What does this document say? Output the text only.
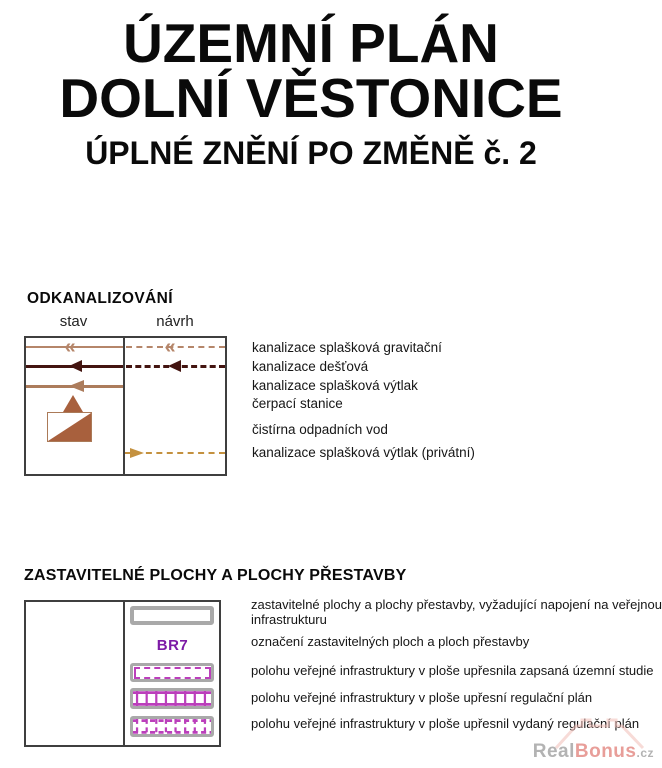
ÚZEMNÍ PLÁN
DOLNÍ VĚSTONICE
ÚPLNÉ ZNĚNÍ PO ZMĚNĚ č. 2
ODKANALIZOVÁNÍ
stav	návrh
«	kanalizace splašková gravitační
kanalizace dešťová
kanalizace splašková výtlak
čerpací stanice
čistírna odpadních vod
kanalizace splašková výtlak (privátní)
ZASTAVITELNÉ PLOCHY A PLOCHY PŘESTAVBY
BR7
zastavitelné plochy a plochy přestavby, vyžadující napojení na veřejnou infrastrukturu
označení zastavitelných ploch a ploch přestavby
polohu veřejné infrastruktury v ploše upřesnila zapsaná územní studie
polohu veřejné infrastruktury v ploše upřesní regulační plán
polohu veřejné infrastruktury v ploše upřesnil vydaný regulační plán
RealBonus.cz
